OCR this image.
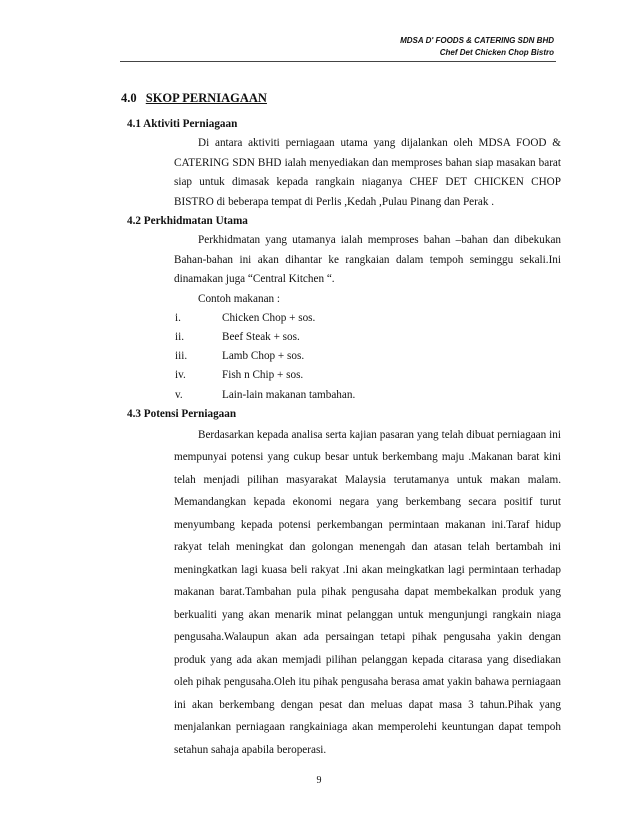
MDSA D' FOODS & CATERING SDN BHD
Chef Det Chicken Chop Bistro
4.0 SKOP PERNIAGAAN
4.1 Aktiviti Perniagaan
Di antara aktiviti perniagaan utama yang dijalankan oleh MDSA FOOD & CATERING SDN BHD ialah menyediakan dan memproses bahan siap masakan barat siap untuk dimasak kepada rangkain niaganya CHEF DET CHICKEN CHOP BISTRO di beberapa tempat di Perlis ,Kedah ,Pulau Pinang dan Perak .
4.2 Perkhidmatan Utama
Perkhidmatan yang utamanya ialah memproses bahan –bahan dan dibekukan Bahan-bahan ini akan dihantar ke rangkaian dalam tempoh seminggu sekali.Ini dinamakan juga “Central Kitchen “.
Contoh makanan :
i.	Chicken Chop + sos.
ii.	Beef Steak + sos.
iii.	Lamb Chop + sos.
iv.	Fish n Chip + sos.
v.	Lain-lain makanan tambahan.
4.3 Potensi Perniagaan
Berdasarkan kepada analisa serta kajian pasaran yang telah dibuat perniagaan ini mempunyai potensi yang cukup besar untuk berkembang maju .Makanan barat kini telah menjadi pilihan masyarakat Malaysia terutamanya untuk makan malam. Memandangkan kepada ekonomi negara yang berkembang secara positif turut menyumbang kepada potensi perkembangan permintaan makanan ini.Taraf hidup rakyat telah meningkat dan golongan menengah dan atasan telah bertambah ini meningkatkan lagi kuasa beli rakyat .Ini akan meingkatkan lagi permintaan terhadap makanan barat.Tambahan pula pihak pengusaha dapat membekalkan produk yang berkualiti yang akan menarik minat pelanggan untuk mengunjungi rangkain niaga pengusaha.Walaupun akan ada persaingan tetapi pihak pengusaha yakin dengan produk yang ada akan memjadi pilihan pelanggan kepada citarasa yang disediakan oleh pihak pengusaha.Oleh itu pihak pengusaha berasa amat yakin bahawa perniagaan ini akan berkembang dengan pesat dan meluas dapat masa 3 tahun.Pihak yang menjalankan perniagaan rangkainiaga akan memperolehi keuntungan dapat tempoh setahun sahaja apabila beroperasi.
9
